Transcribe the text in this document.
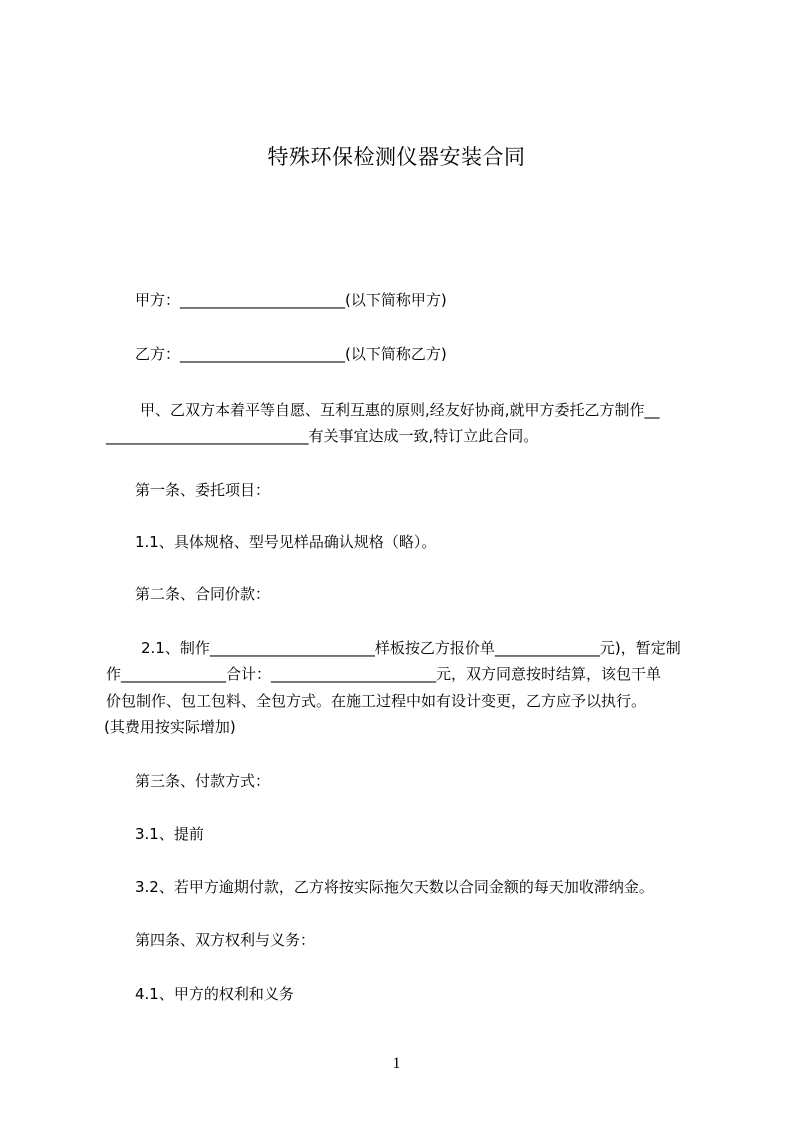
特殊环保检测仪器安装合同
甲方：______________________(以下简称甲方)
乙方：______________________(以下简称乙方)
甲、乙双方本着平等自愿、互利互惠的原则,经友好协商,就甲方委托乙方制作__
___________________________有关事宜达成一致,特订立此合同。
第一条、委托项目：
1.1、具体规格、型号见样品确认规格（略）。
第二条、合同价款：
2.1、制作______________________样板按乙方报价单______________元)，暂定制
作______________合计：______________________元，双方同意按时结算，该包干单
价包制作、包工包料、全包方式。在施工过程中如有设计变更，乙方应予以执行。
(其费用按实际增加)
第三条、付款方式：
3.1、提前
3.2、若甲方逾期付款，乙方将按实际拖欠天数以合同金额的每天加收滞纳金。
第四条、双方权利与义务：
4.1、甲方的权利和义务
1
